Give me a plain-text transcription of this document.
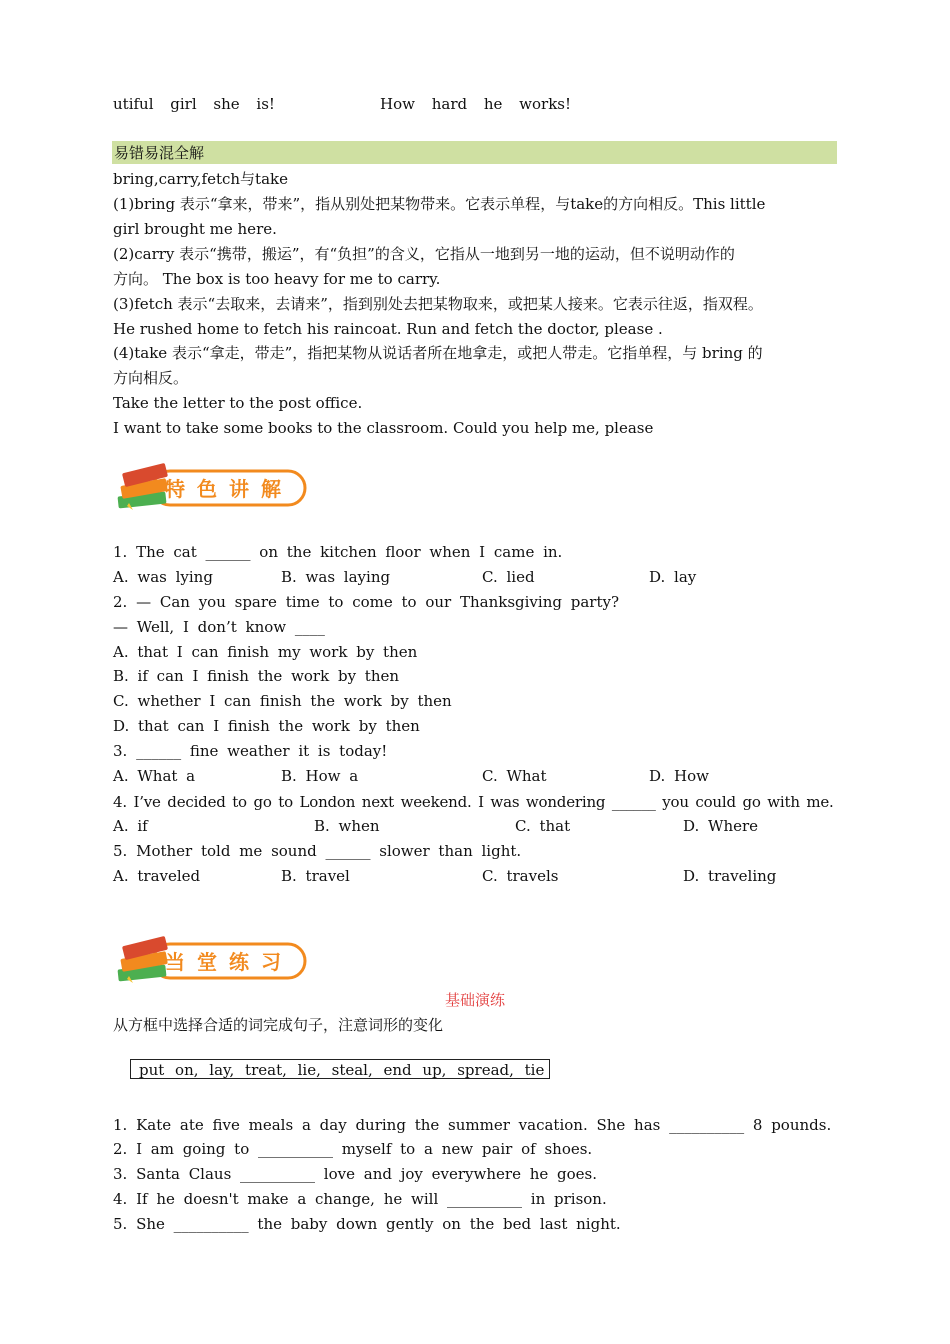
utiful girl she is!	How hard he works!
易错易混全解
bring,carry,fetch与take
(1)bring 表示“拿来，带来”，指从别处把某物带来。它表示单程，与take的方向相反。This little
girl brought me here.
(2)carry 表示“携带，搬运”，有“负担”的含义，它指从一地到另一地的运动，但不说明动作的
方向。 The box is too heavy for me to carry.
(3)fetch 表示“去取来，去请来”，指到别处去把某物取来，或把某人接来。它表示往返，指双程。
He rushed home to fetch his raincoat. Run and fetch the doctor, please .
(4)take 表示“拿走，带走”，指把某物从说话者所在地拿走，或把人带走。它指单程，与 bring 的
方向相反。
Take the letter to the post office.
I want to take some books to the classroom. Could you help me, please
特色讲解
1. The cat ______ on the kitchen floor when I came in.
A. was lying	B. was laying	C. lied	D. lay
2. — Can you spare time to come to our Thanksgiving party?
— Well, I don’t know ____
A. that I can finish my work by then
B. if can I finish the work by then
C. whether I can finish the work by then
D. that can I finish the work by then
3. ______ fine weather it is today!
A. What a	B. How a	C. What	D. How
4. I’ve decided to go to London next weekend. I was wondering ______ you could go with me.
A. if	B. when	C. that	D. Where
5. Mother told me sound ______ slower than light.
A. traveled	B. travel	C. travels	D. traveling
当堂练习
基础演练
从方框中选择合适的词完成句子，注意词形的变化
put on, lay, treat, lie, steal, end up, spread, tie
1. Kate ate five meals a day during the summer vacation. She has __________ 8 pounds.
2. I am going to __________ myself to a new pair of shoes.
3. Santa Claus __________ love and joy everywhere he goes.
4. If he doesn't make a change, he will __________ in prison.
5. She __________ the baby down gently on the bed last night.
